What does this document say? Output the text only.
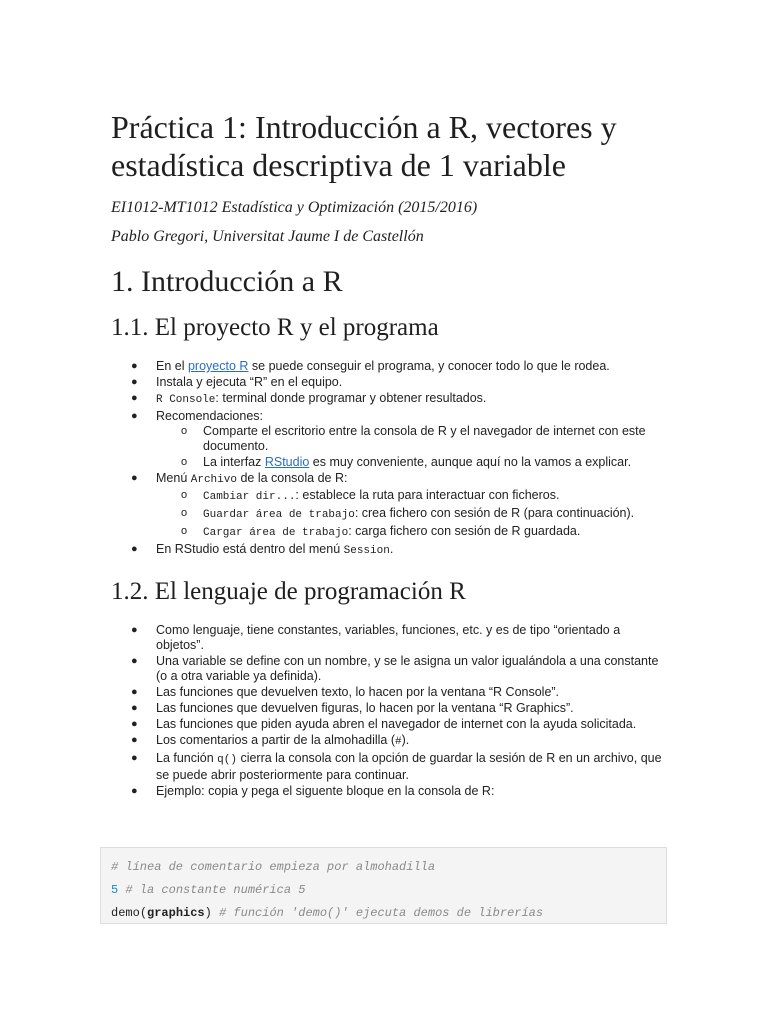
Práctica 1: Introducción a R, vectores y estadística descriptiva de 1 variable
EI1012-MT1012 Estadística y Optimización (2015/2016)
Pablo Gregori, Universitat Jaume I de Castellón
1. Introducción a R
1.1. El proyecto R y el programa
● En el proyecto R se puede conseguir el programa, y conocer todo lo que le rodea.
● Instala y ejecuta “R” en el equipo.
● R Console: terminal donde programar y obtener resultados.
● Recomendaciones:
o Comparte el escritorio entre la consola de R y el navegador de internet con este documento.
o La interfaz RStudio es muy conveniente, aunque aquí no la vamos a explicar.
● Menú Archivo de la consola de R:
o Cambiar dir...: establece la ruta para interactuar con ficheros.
o Guardar área de trabajo: crea fichero con sesión de R (para continuación).
o Cargar área de trabajo: carga fichero con sesión de R guardada.
● En RStudio está dentro del menú Session.
1.2. El lenguaje de programación R
● Como lenguaje, tiene constantes, variables, funciones, etc. y es de tipo “orientado a objetos”.
● Una variable se define con un nombre, y se le asigna un valor igualándola a una constante (o a otra variable ya definida).
● Las funciones que devuelven texto, lo hacen por la ventana “R Console”.
● Las funciones que devuelven figuras, lo hacen por la ventana “R Graphics”.
● Las funciones que piden ayuda abren el navegador de internet con la ayuda solicitada.
● Los comentarios a partir de la almohadilla (#).
● La función q() cierra la consola con la opción de guardar la sesión de R en un archivo, que se puede abrir posteriormente para continuar.
● Ejemplo: copia y pega el siguente bloque en la consola de R:
# línea de comentario empieza por almohadilla
5 # la constante numérica 5
demo(graphics) # función 'demo()' ejecuta demos de librerías
